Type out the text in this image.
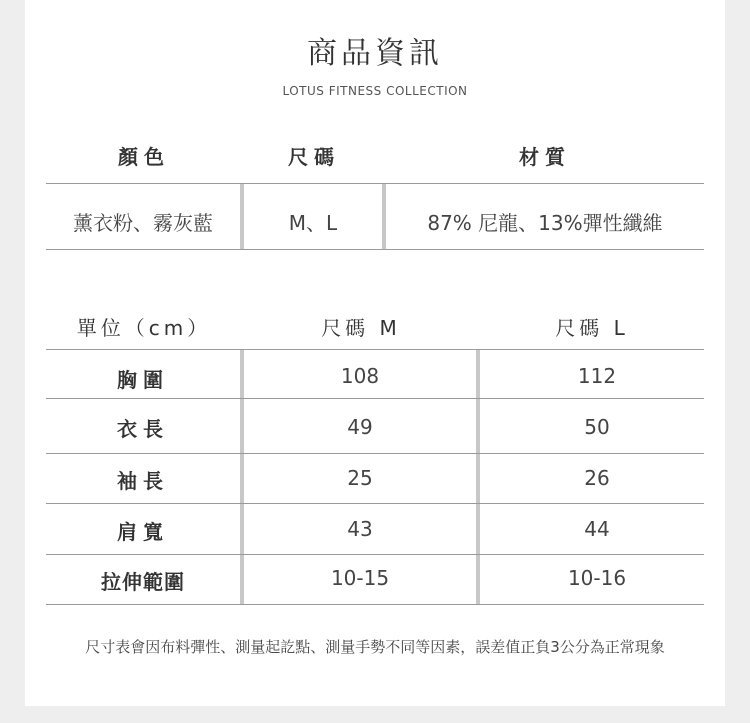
商品資訊
LOTUS FITNESS COLLECTION
顏色	尺碼	材質
薰衣粉、霧灰藍	M、L	87% 尼龍、13%彈性纖維
單位（cm）	尺碼 M	尺碼 L
胸圍	108	112
衣長	49	50
袖長	25	26
肩寬	43	44
拉伸範圍	10-15	10-16
尺寸表會因布料彈性、測量起訖點、測量手勢不同等因素，誤差值正負3公分為正常現象
